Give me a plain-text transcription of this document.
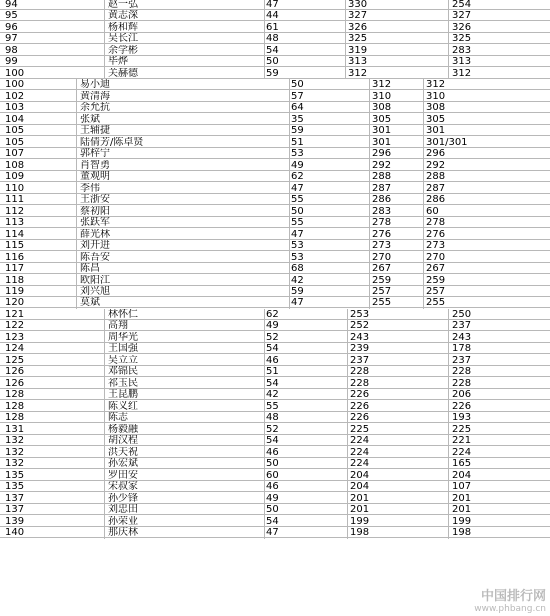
94	赵一弘	47	330	254
95	黄志深	44	327	327
96	杨和辉	61	326	326
97	吴长江	48	325	325
98	余学彬	54	319	283
99	毕烨	50	313	313
100	关赫德	59	312	312
100	易小迪	50	312	312
102	黄清海	57	310	310
103	余允抗	64	308	308
104	张斌	35	305	305
105	王辅捷	59	301	301
105	陆倩芳/陈卓贤	51	301	301/301
107	郭梓宁	53	296	296
108	肖智勇	49	292	292
109	董观明	62	288	288
110	李伟	47	287	287
111	王浙安	55	286	286
112	蔡初阳	50	283	60
113	张跃军	55	278	278
114	薛光林	47	276	276
115	刘开进	53	273	273
116	陈吾安	53	270	270
117	陈昌	68	267	267
118	欧阳江	42	259	259
119	刘兴旭	59	257	257
120	莫斌	47	255	255
121	林怀仁	62	253	250
122	高翔	49	252	237
123	周华光	52	243	243
124	王国强	54	239	178
125	吴立立	46	237	237
126	邓锦民	51	228	228
126	祁玉民	54	228	228
128	王昆鹏	42	226	206
128	陈义红	55	226	226
128	陈志	48	226	193
131	杨毅融	52	225	225
132	胡汉程	54	224	221
132	洪天祝	46	224	224
132	孙宏斌	50	224	165
135	罗田安	60	204	204
135	宋叔家	46	204	107
137	孙少锋	49	201	201
137	刘忠田	50	201	201
139	孙荣业	54	199	199
140	那庆林	47	198	198
中国排行网
www.phbang.cn
